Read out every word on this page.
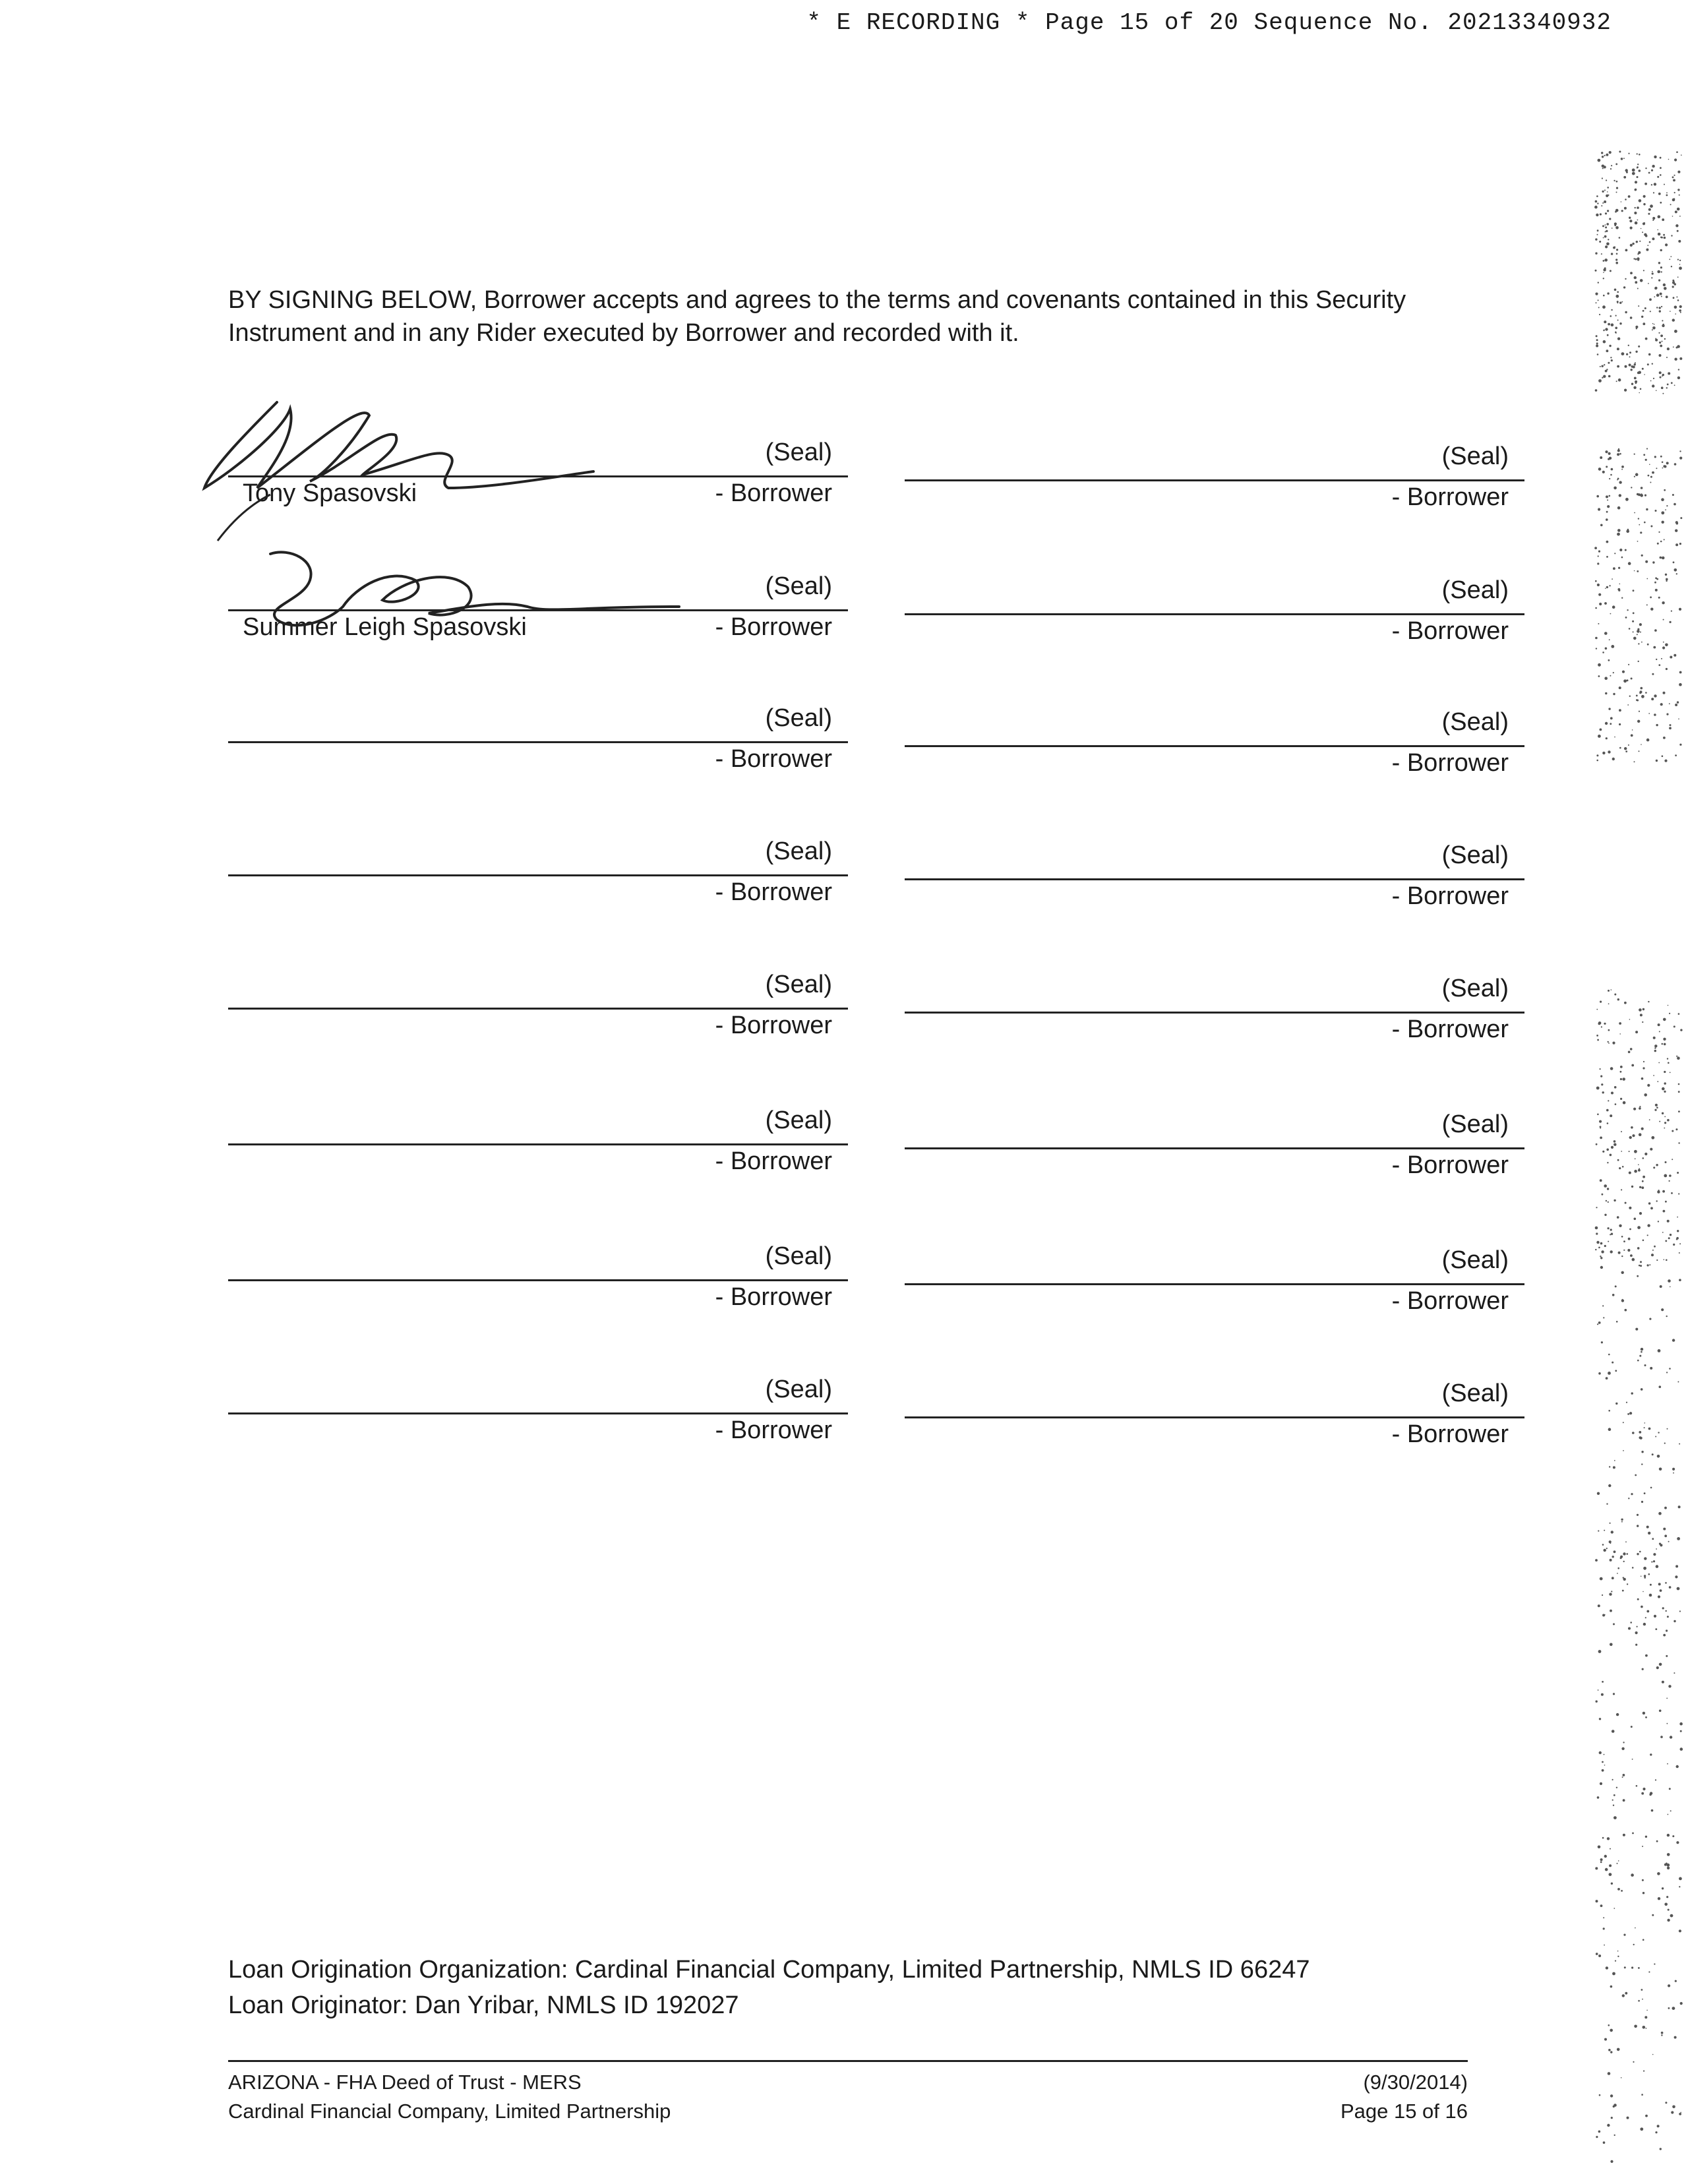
* E RECORDING * Page 15 of 20 Sequence No. 20213340932
BY SIGNING BELOW, Borrower accepts and agrees to the terms and covenants contained in this Security Instrument and in any Rider executed by Borrower and recorded with it.
(Seal)
- Borrower
Tony Spasovski
(Seal)
- Borrower
(Seal)
- Borrower
Summer Leigh Spasovski
(Seal)
- Borrower
(Seal)
- Borrower
(Seal)
- Borrower
(Seal)
- Borrower
(Seal)
- Borrower
(Seal)
- Borrower
(Seal)
- Borrower
(Seal)
- Borrower
(Seal)
- Borrower
(Seal)
- Borrower
(Seal)
- Borrower
(Seal)
- Borrower
(Seal)
- Borrower
Loan Origination Organization: Cardinal Financial Company, Limited Partnership, NMLS ID 66247
Loan Originator: Dan Yribar, NMLS ID 192027
ARIZONA - FHA Deed of Trust - MERS
Cardinal Financial Company, Limited Partnership
(9/30/2014)
Page 15 of 16
